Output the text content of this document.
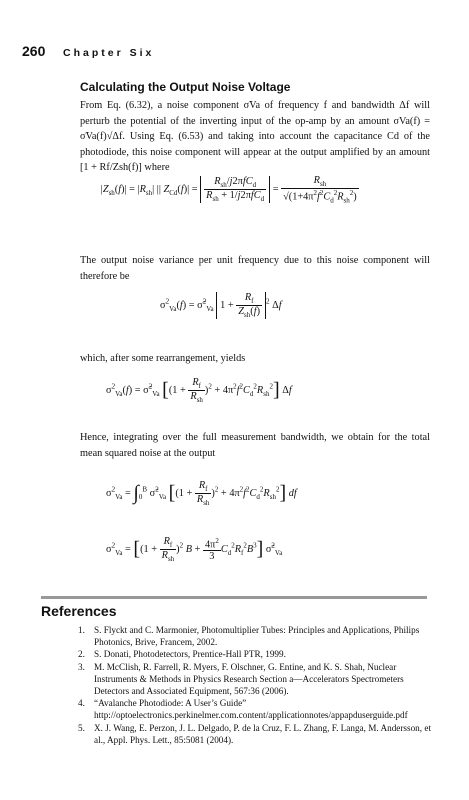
260 Chapter Six
Calculating the Output Noise Voltage
From Eq. (6.32), a noise component σ̃Va of frequency f and bandwidth Δf will perturb the potential of the inverting input of the op-amp by an amount σVa(f) = σ̃Va(f)√Δf. Using Eq. (6.53) and taking into account the capacitance Cd of the photodiode, this noise component will appear at the output amplified by an amount [1 + Rf/Zsh(f)] where
$|Z_{sh}(f)| = |R_{sh}|$ || $Z_{Cd}(f)| = \frac{R_{sh}/j2\pi fC_d}{R_{sh} + 1/j2\pi fC_d} = \frac{R_{sh}}{√(1+4\pi^2f^2C_d^2R_{sh}^2)}$
The output noise variance per unit frequency due to this noise component will therefore be
$\sigma^2_{Va}(f)$ = σ̃$^2_{Va}$ $1 + \frac{R_f}{Z_{sh}(f)} ^2$ Δf
which, after some rearrangement, yields
$\sigma^2_{Va}(f)$ = σ̃$^2_{Va}$ $[(1 + \frac{R_f}{R_{sh}} )^2 + 4\pi^2f^2C_d^2R_{sh}^2]$ Δf
Hence, integrating over the full measurement bandwidth, we obtain for the total mean squared noise at the output
$\sigma^2_{Va} = \int_0^B$ σ̃$^2_{Va}$ $[(1 + \frac{R_f}{R_{sh}} )^2 + 4\pi^2f^2C_d^2R_{sh}^2]$ df
$\sigma^2_{Va} = [(1 + \frac{R_f}{R_{sh}} )^2$ $B + \frac{4\pi^2}{3} C_d^2R_f^2B^3$] σ̃$^2_{Va}$
References

1. S. Flyckt and C. Marmonier, Photomultiplier Tubes: Principles and Applications, Philips Photonics, Brive, Francem, 2002.

2. S. Donati, Photodetectors, Prentice-Hall PTR, 1999.

3. M. McClish, R. Farrell, R. Myers, F. Olschner, G. Entine, and K. S. Shah, Nuclear Instruments & Methods in Physics Research Section a—Accelerators Spectrometers Detectors and Associated Equipment, 567:36 (2006).

4. “Avalanche Photodiode: A User’s Guide” http://optoelectronics.perkinelmer.com.content/applicationnotes/appapduserguide.pdf

5. X. J. Wang, E. Perzon, J. L. Delgado, P. de la Cruz, F. L. Zhang, F. Langa, M. Andersson, et al., Appl. Phys. Lett., 85:5081 (2004).
